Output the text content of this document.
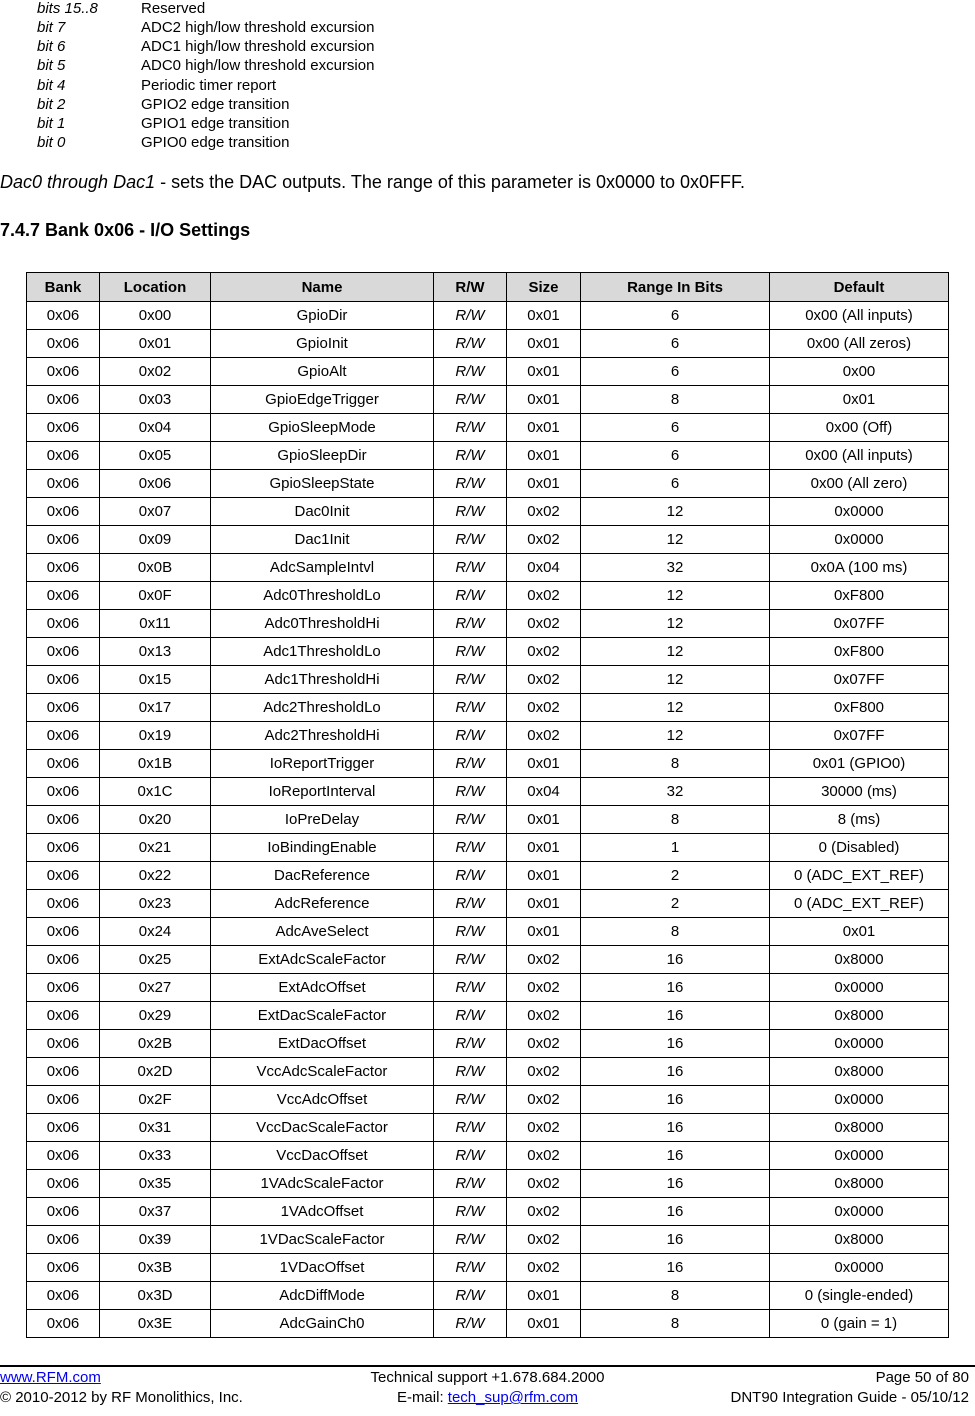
bits 15..8	Reserved
bit 7	ADC2 high/low threshold excursion
bit 6	ADC1 high/low threshold excursion
bit 5	ADC0 high/low threshold excursion
bit 4	Periodic timer report
bit 2	GPIO2 edge transition
bit 1	GPIO1 edge transition
bit 0	GPIO0 edge transition
Dac0 through Dac1 - sets the DAC outputs. The range of this parameter is 0x0000 to 0x0FFF.
7.4.7 Bank 0x06 - I/O Settings
Bank	Location	Name	R/W	Size	Range In Bits	Default
0x06	0x00	GpioDir	R/W	0x01	6	0x00 (All inputs)
0x06	0x01	GpioInit	R/W	0x01	6	0x00 (All zeros)
0x06	0x02	GpioAlt	R/W	0x01	6	0x00
0x06	0x03	GpioEdgeTrigger	R/W	0x01	8	0x01
0x06	0x04	GpioSleepMode	R/W	0x01	6	0x00 (Off)
0x06	0x05	GpioSleepDir	R/W	0x01	6	0x00 (All inputs)
0x06	0x06	GpioSleepState	R/W	0x01	6	0x00 (All zero)
0x06	0x07	Dac0Init	R/W	0x02	12	0x0000
0x06	0x09	Dac1Init	R/W	0x02	12	0x0000
0x06	0x0B	AdcSampleIntvl	R/W	0x04	32	0x0A (100 ms)
0x06	0x0F	Adc0ThresholdLo	R/W	0x02	12	0xF800
0x06	0x11	Adc0ThresholdHi	R/W	0x02	12	0x07FF
0x06	0x13	Adc1ThresholdLo	R/W	0x02	12	0xF800
0x06	0x15	Adc1ThresholdHi	R/W	0x02	12	0x07FF
0x06	0x17	Adc2ThresholdLo	R/W	0x02	12	0xF800
0x06	0x19	Adc2ThresholdHi	R/W	0x02	12	0x07FF
0x06	0x1B	IoReportTrigger	R/W	0x01	8	0x01 (GPIO0)
0x06	0x1C	IoReportInterval	R/W	0x04	32	30000 (ms)
0x06	0x20	IoPreDelay	R/W	0x01	8	8 (ms)
0x06	0x21	IoBindingEnable	R/W	0x01	1	0 (Disabled)
0x06	0x22	DacReference	R/W	0x01	2	0 (ADC_EXT_REF)
0x06	0x23	AdcReference	R/W	0x01	2	0 (ADC_EXT_REF)
0x06	0x24	AdcAveSelect	R/W	0x01	8	0x01
0x06	0x25	ExtAdcScaleFactor	R/W	0x02	16	0x8000
0x06	0x27	ExtAdcOffset	R/W	0x02	16	0x0000
0x06	0x29	ExtDacScaleFactor	R/W	0x02	16	0x8000
0x06	0x2B	ExtDacOffset	R/W	0x02	16	0x0000
0x06	0x2D	VccAdcScaleFactor	R/W	0x02	16	0x8000
0x06	0x2F	VccAdcOffset	R/W	0x02	16	0x0000
0x06	0x31	VccDacScaleFactor	R/W	0x02	16	0x8000
0x06	0x33	VccDacOffset	R/W	0x02	16	0x0000
0x06	0x35	1VAdcScaleFactor	R/W	0x02	16	0x8000
0x06	0x37	1VAdcOffset	R/W	0x02	16	0x0000
0x06	0x39	1VDacScaleFactor	R/W	0x02	16	0x8000
0x06	0x3B	1VDacOffset	R/W	0x02	16	0x0000
0x06	0x3D	AdcDiffMode	R/W	0x01	8	0 (single-ended)
0x06	0x3E	AdcGainCh0	R/W	0x01	8	0 (gain = 1)
www.RFM.com	Technical support +1.678.684.2000	Page 50 of 80
© 2010-2012 by RF Monolithics, Inc.	E-mail: tech_sup@rfm.com	DNT90 Integration Guide - 05/10/12
